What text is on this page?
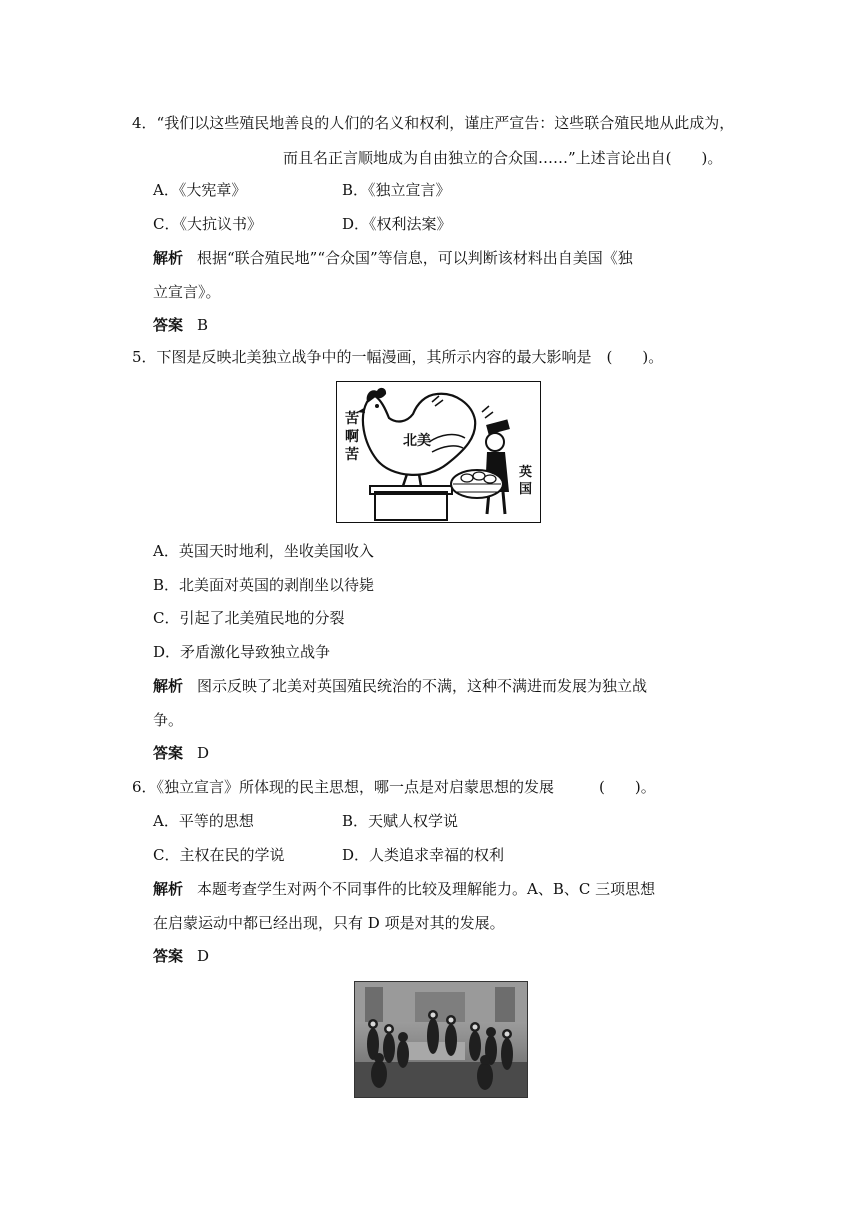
4．“我们以这些殖民地善良的人们的名义和权利，谨庄严宣告：这些联合殖民地从此成为，
而且名正言顺地成为自由独立的合众国……”上述言论出自(　　)。
A．《大宪章》	B．《独立宣言》
C．《大抗议书》	D．《权利法案》
解析 根据“联合殖民地”“合众国”等信息，可以判断该材料出自美国《独
立宣言》。
答案 B
5．下图是反映北美独立战争中的一幅漫画，其所示内容的最大影响是　(　　)。
苦啊苦
北美
英国
A．英国天时地利，坐收美国收入
B．北美面对英国的剥削坐以待毙
C．引起了北美殖民地的分裂
D．矛盾激化导致独立战争
解析 图示反映了北美对英国殖民统治的不满，这种不满进而发展为独立战
争。
答案 D
6．《独立宣言》所体现的民主思想，哪一点是对启蒙思想的发展　　　(　　)。
A．平等的思想	B．天赋人权学说
C．主权在民的学说	D．人类追求幸福的权利
解析 本题考查学生对两个不同事件的比较及理解能力。A、B、C 三项思想
在启蒙运动中都已经出现，只有 D 项是对其的发展。
答案 D
